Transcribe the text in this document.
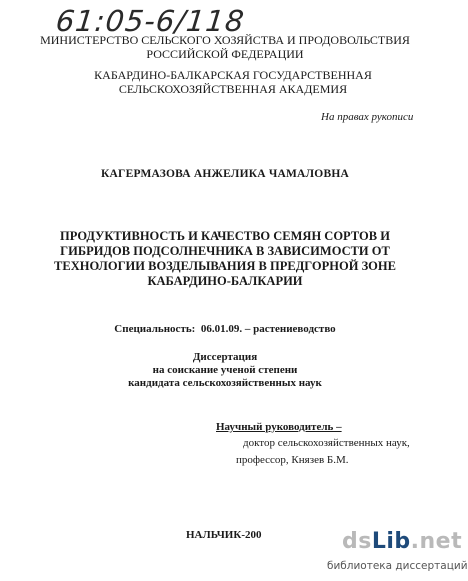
61:05-6/118
МИНИСТЕРСТВО СЕЛЬСКОГО ХОЗЯЙСТВА И ПРОДОВОЛЬСТВИЯ
РОССИЙСКОЙ ФЕДЕРАЦИИ
КАБАРДИНО-БАЛКАРСКАЯ ГОСУДАРСТВЕННАЯ
СЕЛЬСКОХОЗЯЙСТВЕННАЯ АКАДЕМИЯ
На правах рукописи
КАГЕРМАЗОВА АНЖЕЛИКА ЧАМАЛОВНА
ПРОДУКТИВНОСТЬ И КАЧЕСТВО СЕМЯН СОРТОВ И
ГИБРИДОВ ПОДСОЛНЕЧНИКА В ЗАВИСИМОСТИ ОТ
ТЕХНОЛОГИИ ВОЗДЕЛЫВАНИЯ В ПРЕДГОРНОЙ ЗОНЕ
КАБАРДИНО-БАЛКАРИИ
Специальность: 06.01.09. – растениеводство
Диссертация
на соискание ученой степени
кандидата сельскохозяйственных наук
Научный руководитель –
доктор сельскохозяйственных наук,
профессор, Князев Б.М.
НАЛЬЧИК-200	dsLib.net
библиотека диссертаций
